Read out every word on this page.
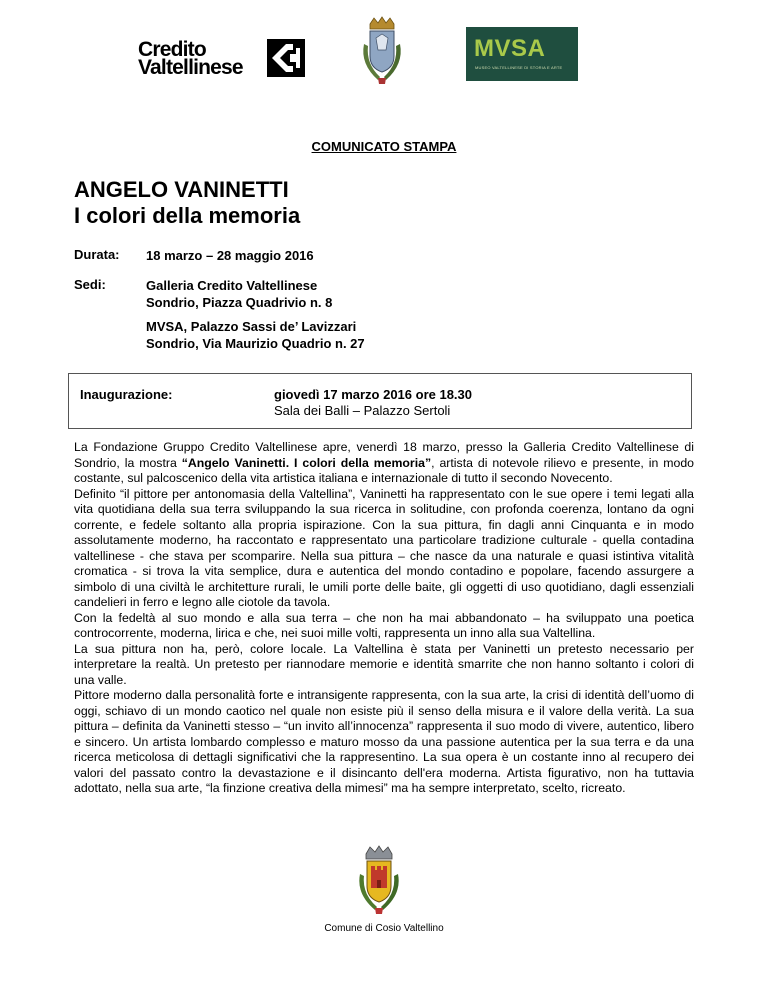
Credito
Valtellinese
MVSA
MUSEO VALTELLINESE DI STORIA E ARTE
COMUNICATO STAMPA
ANGELO VANINETTI
I colori della memoria
Durata: 18 marzo – 28 maggio 2016
Sedi:	Galleria Credito Valtellinese
Sondrio, Piazza Quadrivio n. 8
MVSA, Palazzo Sassi de’ Lavizzari
Sondrio, Via Maurizio Quadrio n. 27
Inaugurazione:	giovedì 17 marzo 2016 ore 18.30
Sala dei Balli – Palazzo Sertoli

La Fondazione Gruppo Credito Valtellinese apre, venerdì 18 marzo, presso la Galleria Credito Valtellinese di Sondrio, la mostra “Angelo Vaninetti. I colori della memoria”, artista di notevole rilievo e presente, in modo costante, sul palcoscenico della vita artistica italiana e internazionale di tutto il secondo Novecento.

Definito “il pittore per antonomasia della Valtellina”, Vaninetti ha rappresentato con le sue opere i temi legati alla vita quotidiana della sua terra sviluppando la sua ricerca in solitudine, con profonda coerenza, lontano da ogni corrente, e fedele soltanto alla propria ispirazione. Con la sua pittura, fin dagli anni Cinquanta e in modo assolutamente moderno, ha raccontato e rappresentato una particolare tradizione culturale - quella contadina valtellinese - che stava per scomparire. Nella sua pittura – che nasce da una naturale e quasi istintiva vitalità cromatica - si trova la vita semplice, dura e autentica del mondo contadino e popolare, facendo assurgere a simbolo di una civiltà le architetture rurali, le umili porte delle baite, gli oggetti di uso quotidiano, dagli essenziali candelieri in ferro e legno alle ciotole da tavola.

Con la fedeltà al suo mondo e alla sua terra – che non ha mai abbandonato – ha sviluppato una poetica controcorrente, moderna, lirica e che, nei suoi mille volti, rappresenta un inno alla sua Valtellina.

La sua pittura non ha, però, colore locale. La Valtellina è stata per Vaninetti un pretesto necessario per interpretare la realtà. Un pretesto per riannodare memorie e identità smarrite che non hanno soltanto i colori di una valle.

Pittore moderno dalla personalità forte e intransigente rappresenta, con la sua arte, la crisi di identità dell’uomo di oggi, schiavo di un mondo caotico nel quale non esiste più il senso della misura e il valore della verità. La sua pittura – definita da Vaninetti stesso – “un invito all’innocenza” rappresenta il suo modo di vivere, autentico, libero e sincero. Un artista lombardo complesso e maturo mosso da una passione autentica per la sua terra e da una ricerca meticolosa di dettagli significativi che la rappresentino. La sua opera è un costante inno al recupero dei valori del passato contro la devastazione e il disincanto dell'era moderna. Artista figurativo, non ha tuttavia adottato, nella sua arte, “la finzione creativa della mimesi” ma ha sempre interpretato, scelto, ricreato.

Comune di Cosio Valtellino
